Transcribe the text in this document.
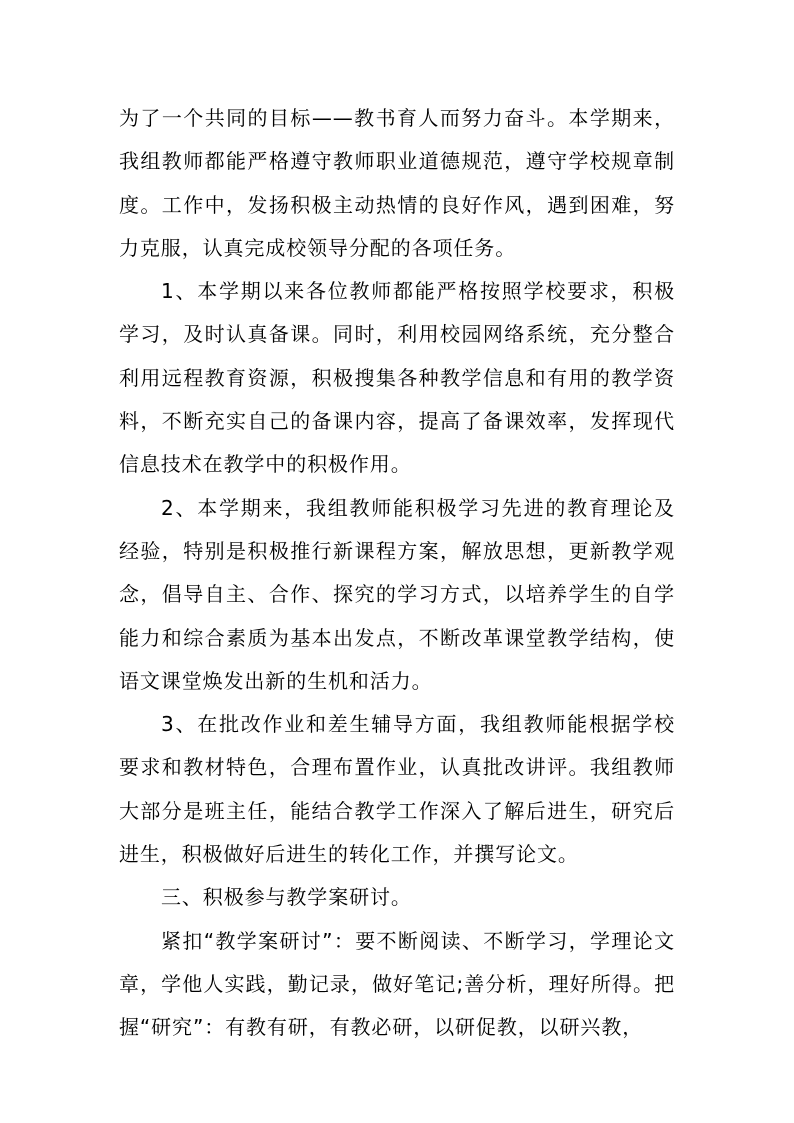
为了一个共同的目标——教书育人而努力奋斗。本学期来，我组教师都能严格遵守教师职业道德规范，遵守学校规章制度。工作中，发扬积极主动热情的良好作风，遇到困难，努力克服，认真完成校领导分配的各项任务。

1、本学期以来各位教师都能严格按照学校要求，积极学习，及时认真备课。同时，利用校园网络系统，充分整合利用远程教育资源，积极搜集各种教学信息和有用的教学资料，不断充实自己的备课内容，提高了备课效率，发挥现代信息技术在教学中的积极作用。

2、本学期来，我组教师能积极学习先进的教育理论及经验，特别是积极推行新课程方案，解放思想，更新教学观念，倡导自主、合作、探究的学习方式，以培养学生的自学能力和综合素质为基本出发点，不断改革课堂教学结构，使语文课堂焕发出新的生机和活力。

3、在批改作业和差生辅导方面，我组教师能根据学校要求和教材特色，合理布置作业，认真批改讲评。我组教师大部分是班主任，能结合教学工作深入了解后进生，研究后进生，积极做好后进生的转化工作，并撰写论文。

三、积极参与教学案研讨。

紧扣“教学案研讨”：要不断阅读、不断学习，学理论文章，学他人实践，勤记录，做好笔记;善分析，理好所得。把握“研究”：有教有研，有教必研，以研促教，以研兴教，
